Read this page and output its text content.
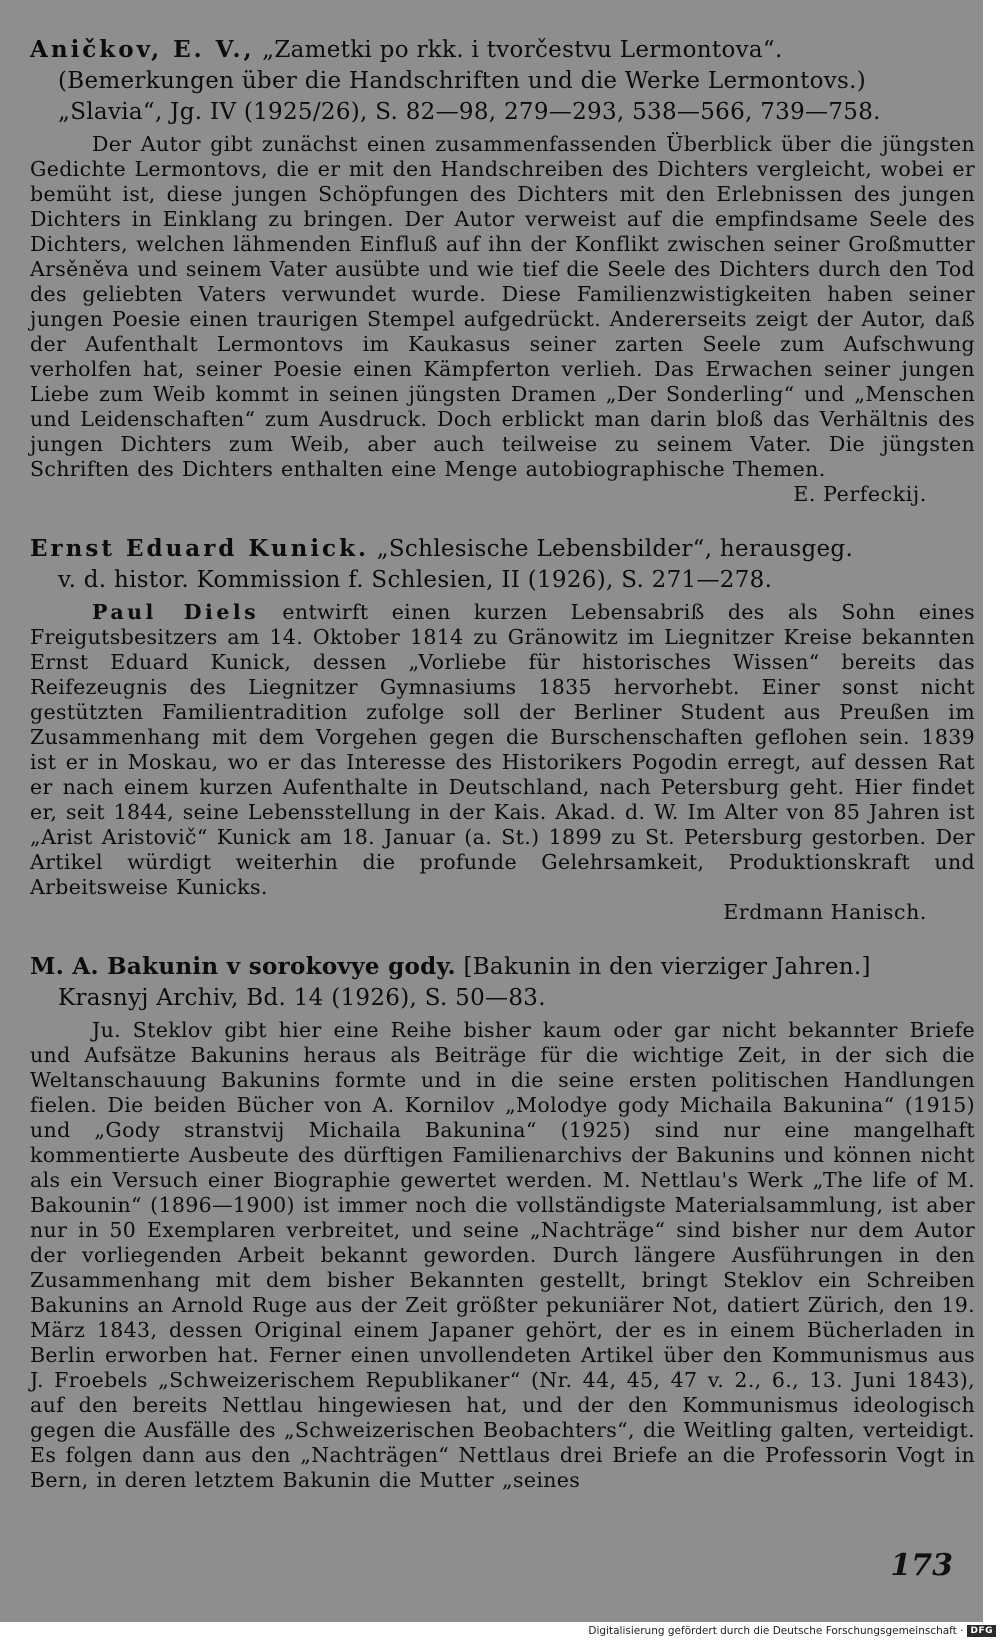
Aničkov, E. V., „Zametki po rkk. i tvorčestvu Lermontova“.
(Bemerkungen über die Handschriften und die Werke Lermontovs.)
„Slavia“, Jg. IV (1925/26), S. 82—98, 279—293, 538—566, 739—758.

Der Autor gibt zunächst einen zusammenfassenden Überblick über die jüngsten Gedichte Lermontovs, die er mit den Handschreiben des Dichters vergleicht, wobei er bemüht ist, diese jungen Schöpfungen des Dichters mit den Erlebnissen des jungen Dichters in Einklang zu bringen. Der Autor verweist auf die empfindsame Seele des Dichters, welchen lähmenden Einfluß auf ihn der Konflikt zwischen seiner Großmutter Arsěněva und seinem Vater ausübte und wie tief die Seele des Dichters durch den Tod des geliebten Vaters verwundet wurde. Diese Familienzwistigkeiten haben seiner jungen Poesie einen traurigen Stempel aufgedrückt. Andererseits zeigt der Autor, daß der Aufenthalt Lermontovs im Kaukasus seiner zarten Seele zum Aufschwung verholfen hat, seiner Poesie einen Kämpferton verlieh. Das Erwachen seiner jungen Liebe zum Weib kommt in seinen jüngsten Dramen „Der Sonderling“ und „Menschen und Leidenschaften“ zum Ausdruck. Doch erblickt man darin bloß das Verhältnis des jungen Dichters zum Weib, aber auch teilweise zu seinem Vater. Die jüngsten Schriften des Dichters enthalten eine Menge autobiographische Themen.

E. Perfeckij.
Ernst Eduard Kunick. „Schlesische Lebensbilder“, herausgeg.
v. d. histor. Kommission f. Schlesien, II (1926), S. 271—278.

Paul Diels entwirft einen kurzen Lebensabriß des als Sohn eines Freigutsbesitzers am 14. Oktober 1814 zu Gränowitz im Liegnitzer Kreise bekannten Ernst Eduard Kunick, dessen „Vorliebe für historisches Wissen“ bereits das Reifezeugnis des Liegnitzer Gymnasiums 1835 hervorhebt. Einer sonst nicht gestützten Familientradition zufolge soll der Berliner Student aus Preußen im Zusammenhang mit dem Vorgehen gegen die Burschenschaften geflohen sein. 1839 ist er in Moskau, wo er das Interesse des Historikers Pogodin erregt, auf dessen Rat er nach einem kurzen Aufenthalte in Deutschland, nach Petersburg geht. Hier findet er, seit 1844, seine Lebensstellung in der Kais. Akad. d. W. Im Alter von 85 Jahren ist „Arist Aristovič“ Kunick am 18. Januar (a. St.) 1899 zu St. Petersburg gestorben. Der Artikel würdigt weiterhin die profunde Gelehrsamkeit, Produktionskraft und Arbeitsweise Kunicks.

Erdmann Hanisch.
M. A. Bakunin v sorokovye gody. [Bakunin in den vierziger Jahren.]
Krasnyj Archiv, Bd. 14 (1926), S. 50—83.

Ju. Steklov gibt hier eine Reihe bisher kaum oder gar nicht bekannter Briefe und Aufsätze Bakunins heraus als Beiträge für die wichtige Zeit, in der sich die Weltanschauung Bakunins formte und in die seine ersten politischen Handlungen fielen. Die beiden Bücher von A. Kornilov „Molodye gody Michaila Bakunina“ (1915) und „Gody stranstvij Michaila Bakunina“ (1925) sind nur eine mangelhaft kommentierte Ausbeute des dürftigen Familienarchivs der Bakunins und können nicht als ein Versuch einer Biographie gewertet werden. M. Nettlau's Werk „The life of M. Bakounin“ (1896—1900) ist immer noch die vollständigste Materialsammlung, ist aber nur in 50 Exemplaren verbreitet, und seine „Nachträge“ sind bisher nur dem Autor der vorliegenden Arbeit bekannt geworden. Durch längere Ausführungen in den Zusammenhang mit dem bisher Bekannten gestellt, bringt Steklov ein Schreiben Bakunins an Arnold Ruge aus der Zeit größter pekuniärer Not, datiert Zürich, den 19. März 1843, dessen Original einem Japaner gehört, der es in einem Bücherladen in Berlin erworben hat. Ferner einen unvollendeten Artikel über den Kommunismus aus J. Froebels „Schweizerischem Republikaner“ (Nr. 44, 45, 47 v. 2., 6., 13. Juni 1843), auf den bereits Nettlau hingewiesen hat, und der den Kommunismus ideologisch gegen die Ausfälle des „Schweizerischen Beobachters“, die Weitling galten, verteidigt. Es folgen dann aus den „Nachträgen“ Nettlaus drei Briefe an die Professorin Vogt in Bern, in deren letztem Bakunin die Mutter „seines

173
Digitalisierung gefördert durch die Deutsche Forschungsgemeinschaft · DFG
